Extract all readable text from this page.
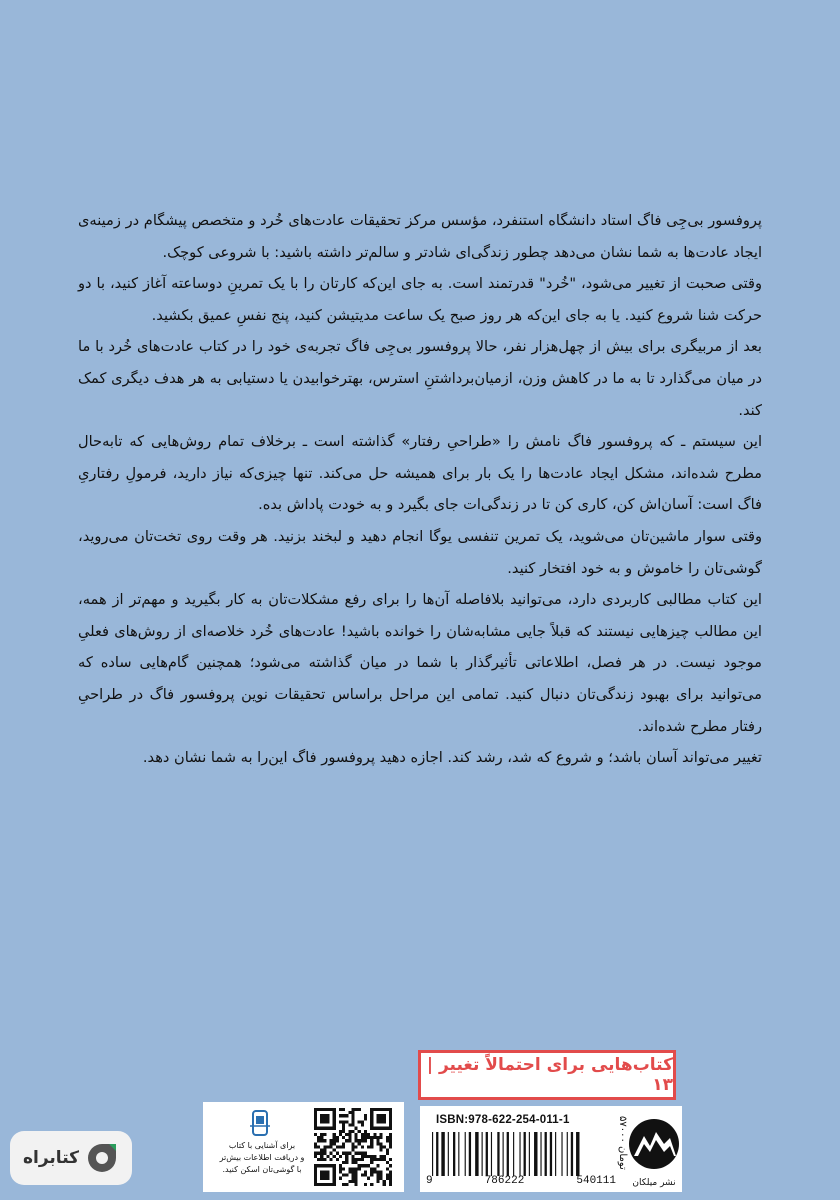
پروفسور بی‌جِی فاگ استاد دانشگاه استنفرد، مؤسس مرکز تحقیقات عادت‌های خُرد و متخصص پیشگام در زمینه‌ی ایجاد عادت‌ها به شما نشان می‌دهد چطور زندگی‌ای شادتر و سالم‌تر داشته باشید: با شروعی کوچک.

وقتی صحبت از تغییر می‌شود، "خُرد" قدرتمند است. به جای این‌که کارتان را با یک تمرینِ دوساعته آغاز کنید، با دو حرکت شنا شروع کنید. یا به جای این‌که هر روز صبح یک ساعت مدیتیشن کنید، پنج نفسِ عمیق بکشید.

بعد از مربیگری برای بیش از چهل‌هزار نفر، حالا پروفسور بی‌جِی فاگ تجربه‌ی خود را در کتاب عادت‌های خُرد با ما در میان می‌گذارد تا به ما در کاهش وزن، ازمیان‌برداشتنِ استرس، بهترخوابیدن یا دستیابی به هر هدف دیگری کمک کند.

این سیستم ـ که پروفسور فاگ نامش را «طراحیِ رفتار» گذاشته است ـ برخلاف تمام روش‌هایی که تابه‌حال مطرح شده‌اند، مشکل ایجاد عادت‌ها را یک بار برای همیشه حل می‌کند. تنها چیزی‌که نیاز دارید، فرمولِ رفتاریِ فاگ است: آسان‌اش کن، کاری کن تا در زندگی‌ات جای بگیرد و به خودت پاداش بده.

وقتی سوار ماشین‌تان می‌شوید، یک تمرین تنفسی یوگا انجام دهید و لبخند بزنید. هر وقت روی تخت‌تان می‌روید، گوشی‌تان را خاموش و به خود افتخار کنید.

این کتاب مطالبی کاربردی دارد، می‌توانید بلافاصله آن‌ها را برای رفع مشکلات‌تان به کار بگیرید و مهم‌تر از همه، این مطالب چیزهایی نیستند که قبلاً جایی مشابه‌شان را خوانده باشید! عادت‌های خُرد خلاصه‌ای از روش‌های فعلیِ موجود نیست. در هر فصل، اطلاعاتی تأثیرگذار با شما در میان گذاشته می‌شود؛ همچنین گام‌هایی ساده که می‌توانید برای بهبود زندگی‌تان دنبال کنید. تمامی این مراحل براساس تحقیقات نوین پروفسور فاگ در طراحیِ رفتار مطرح شده‌اند.

تغییر می‌تواند آسان باشد؛ و شروع که شد، رشد کند. اجازه دهید پروفسور فاگ این‌را به شما نشان دهد.

کتاب‌هایی برای احتمالاً تغییر | ۱۳
ISBN:978-622-254-011-1
9	786222	540111
۵۷۰۰۰ تومان
نشر میلکان
برای آشنایی با کتاب
و دریافت اطلاعات بیش‌تر
با گوشی‌تان اسکن کنید.
کتابراه
